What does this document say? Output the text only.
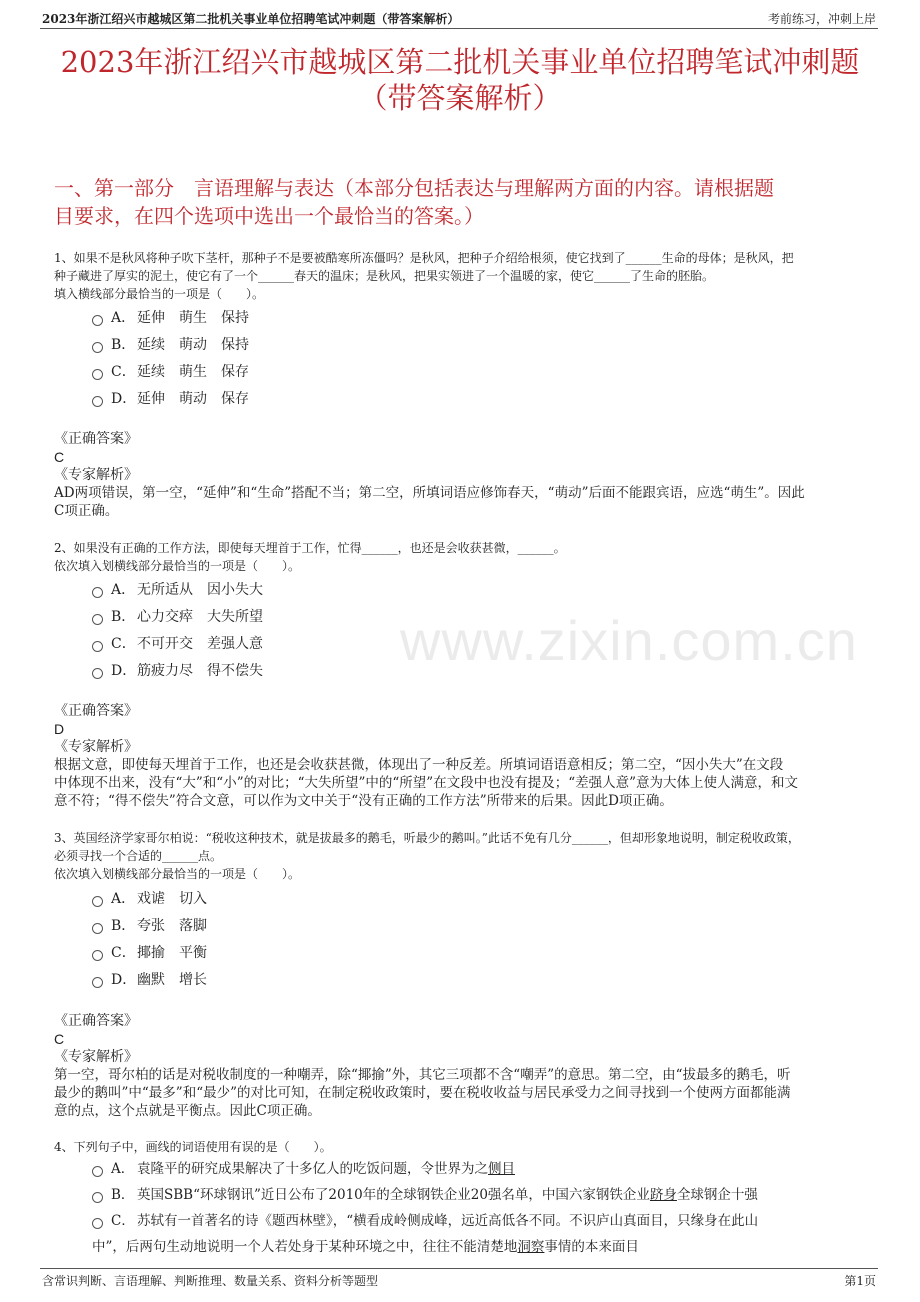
2023年浙江绍兴市越城区第二批机关事业单位招聘笔试冲刺题（带答案解析）	考前练习，冲刺上岸
2023年浙江绍兴市越城区第二批机关事业单位招聘笔试冲刺题
（带答案解析）
一、第一部分　言语理解与表达（本部分包括表达与理解两方面的内容。请根据题
目要求，在四个选项中选出一个最恰当的答案。）
www.zixin.com.cn
1、如果不是秋风将种子吹下茎杆，那种子不是要被酷寒所冻僵吗？是秋风，把种子介绍给根须，使它找到了______生命的母体；是秋风，把
种子藏进了厚实的泥土，使它有了一个______春天的温床；是秋风，把果实领进了一个温暖的家，使它______了生命的胚胎。
填入横线部分最恰当的一项是（　　）。
A． 延伸 萌生 保持
B． 延续 萌动 保持
C． 延续 萌生 保存
D． 延伸 萌动 保存
《正确答案》
C
《专家解析》
AD两项错误，第一空，“延伸”和“生命”搭配不当；第二空，所填词语应修饰春天，“萌动”后面不能跟宾语，应选“萌生”。因此
C项正确。
2、如果没有正确的工作方法，即使每天埋首于工作，忙得______，也还是会收获甚微，______。
依次填入划横线部分最恰当的一项是（　　）。
A． 无所适从 因小失大
B． 心力交瘁 大失所望
C． 不可开交 差强人意
D． 筋疲力尽 得不偿失
《正确答案》
D
《专家解析》
根据文意，即使每天埋首于工作，也还是会收获甚微，体现出了一种反差。所填词语语意相反；第二空，“因小失大”在文段
中体现不出来，没有“大”和“小”的对比；“大失所望”中的“所望”在文段中也没有提及；“差强人意”意为大体上使人满意，和文
意不符；“得不偿失”符合文意，可以作为文中关于“没有正确的工作方法”所带来的后果。因此D项正确。
3、英国经济学家哥尔柏说：“税收这种技术，就是拔最多的鹅毛，听最少的鹅叫。”此话不免有几分______，但却形象地说明，制定税收政策，
必须寻找一个合适的______点。
依次填入划横线部分最恰当的一项是（　　）。
A． 戏谑 切入
B． 夸张 落脚
C． 揶揄 平衡
D． 幽默 增长
《正确答案》
C
《专家解析》
第一空，哥尔柏的话是对税收制度的一种嘲弄，除“揶揄”外，其它三项都不含“嘲弄”的意思。第二空，由“拔最多的鹅毛，听
最少的鹅叫”中“最多”和“最少”的对比可知，在制定税收政策时，要在税收收益与居民承受力之间寻找到一个使两方面都能满
意的点，这个点就是平衡点。因此C项正确。
4、下列句子中，画线的词语使用有误的是（　　）。
A． 袁隆平的研究成果解决了十多亿人的吃饭问题，令世界为之侧目
B． 英国SBB“环球钢讯”近日公布了2010年的全球钢铁企业20强名单，中国六家钢铁企业跻身全球钢企十强
C． 苏轼有一首著名的诗《题西林壁》，“横看成岭侧成峰，远近高低各不同。不识庐山真面目，只缘身在此山
中”，后两句生动地说明一个人若处身于某种环境之中，往往不能清楚地洞察事情的本来面目
含常识判断、言语理解、判断推理、数量关系、资料分析等题型	第1页
